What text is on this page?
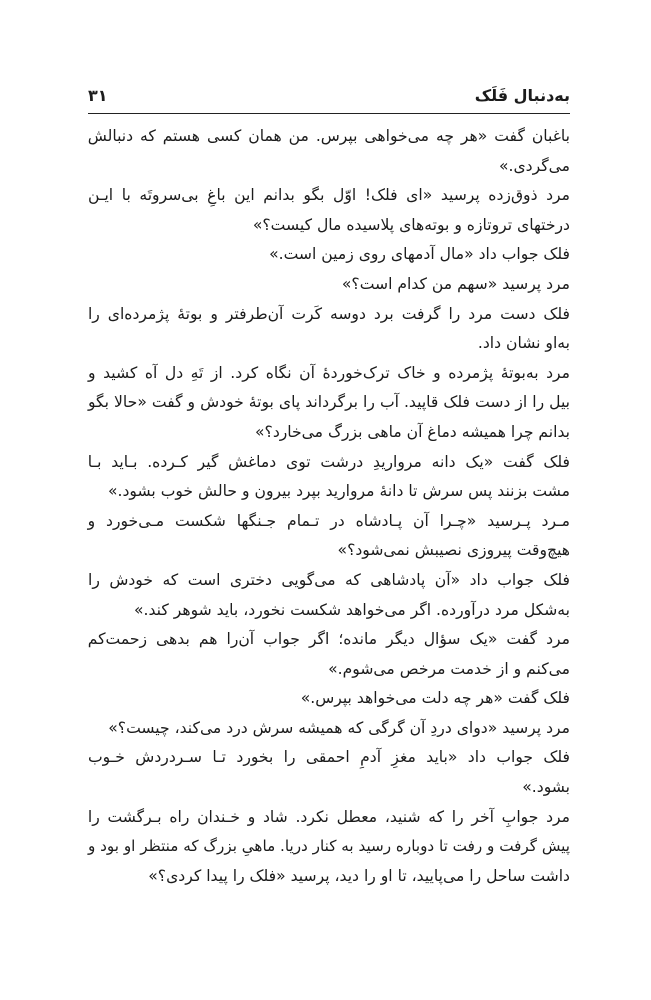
به‌دنبال فَلَک
۳۱
باغبان گفت «هر چه می‌خواهی بپرس. من همان کسی هستم که دنبالش
می‌گردی.»
مرد ذوق‌زده پرسید «ای فلک! اوّل بگو بدانم این باغِ بی‌سروتَه با ایـن
درختهای تروتازه و بوته‌های پلاسیده مال کیست؟»
فلک جواب داد «مال آدمهای روی زمین است.»
مرد پرسید «سهم من کدام است؟»
فلک دست مرد را گرفت برد دوسه کَرت آن‌طرفتر و بوتهٔ پژمرده‌ای را
به‌او نشان داد.
مرد به‌بوتهٔ پژمرده و خاک ترک‌خوردهٔ آن نگاه کرد. از تَهِ دل آه کشید و
بیل را از دست فلک قاپید. آب را برگرداند پای بوتهٔ خودش و گفت «حالا بگو
بدانم چرا همیشه دماغ آن ماهی بزرگ می‌خارد؟»
فلک گفت «یک دانه مرواریدِ درشت توی دماغش گیر کـرده. بـاید بـا
مشت بزنند پس سرش تا دانهٔ مروارید بپرد بیرون و حالش خوب بشود.»
مـرد پـرسید «چـرا آن پـادشاه در تـمام جـنگها شکست مـی‌خورد و
هیچ‌وقت پیروزی نصیبش نمی‌شود؟»
فلک جواب داد «آن پادشاهی که می‌گویی دختری است که خودش را
به‌شکل مرد درآورده. اگر می‌خواهد شکست نخورد، باید شوهر کند.»
مرد گفت «یک سؤال دیگر مانده؛ اگر جواب آن‌را هم بدهی زحمت‌کم
می‌کنم و از خدمت مرخص می‌شوم.»
فلک گفت «هر چه دلت می‌خواهد بپرس.»
مرد پرسید «دوای دردِ آن گرگی که همیشه سرش درد می‌کند، چیست؟»
فلک جواب داد «باید مغزِ آدمِ احمقی را بخورد تـا سـردردش خـوب
بشود.»
مرد جوابِ آخر را که شنید، معطل نکرد. شاد و خـندان راه بـرگشت را
پیش گرفت و رفت تا دوباره رسید به کنار دریا. ماهیِ بزرگ که منتظر او بود و
داشت ساحل را می‌پایید، تا او را دید، پرسید «فلک را پیدا کردی؟»
